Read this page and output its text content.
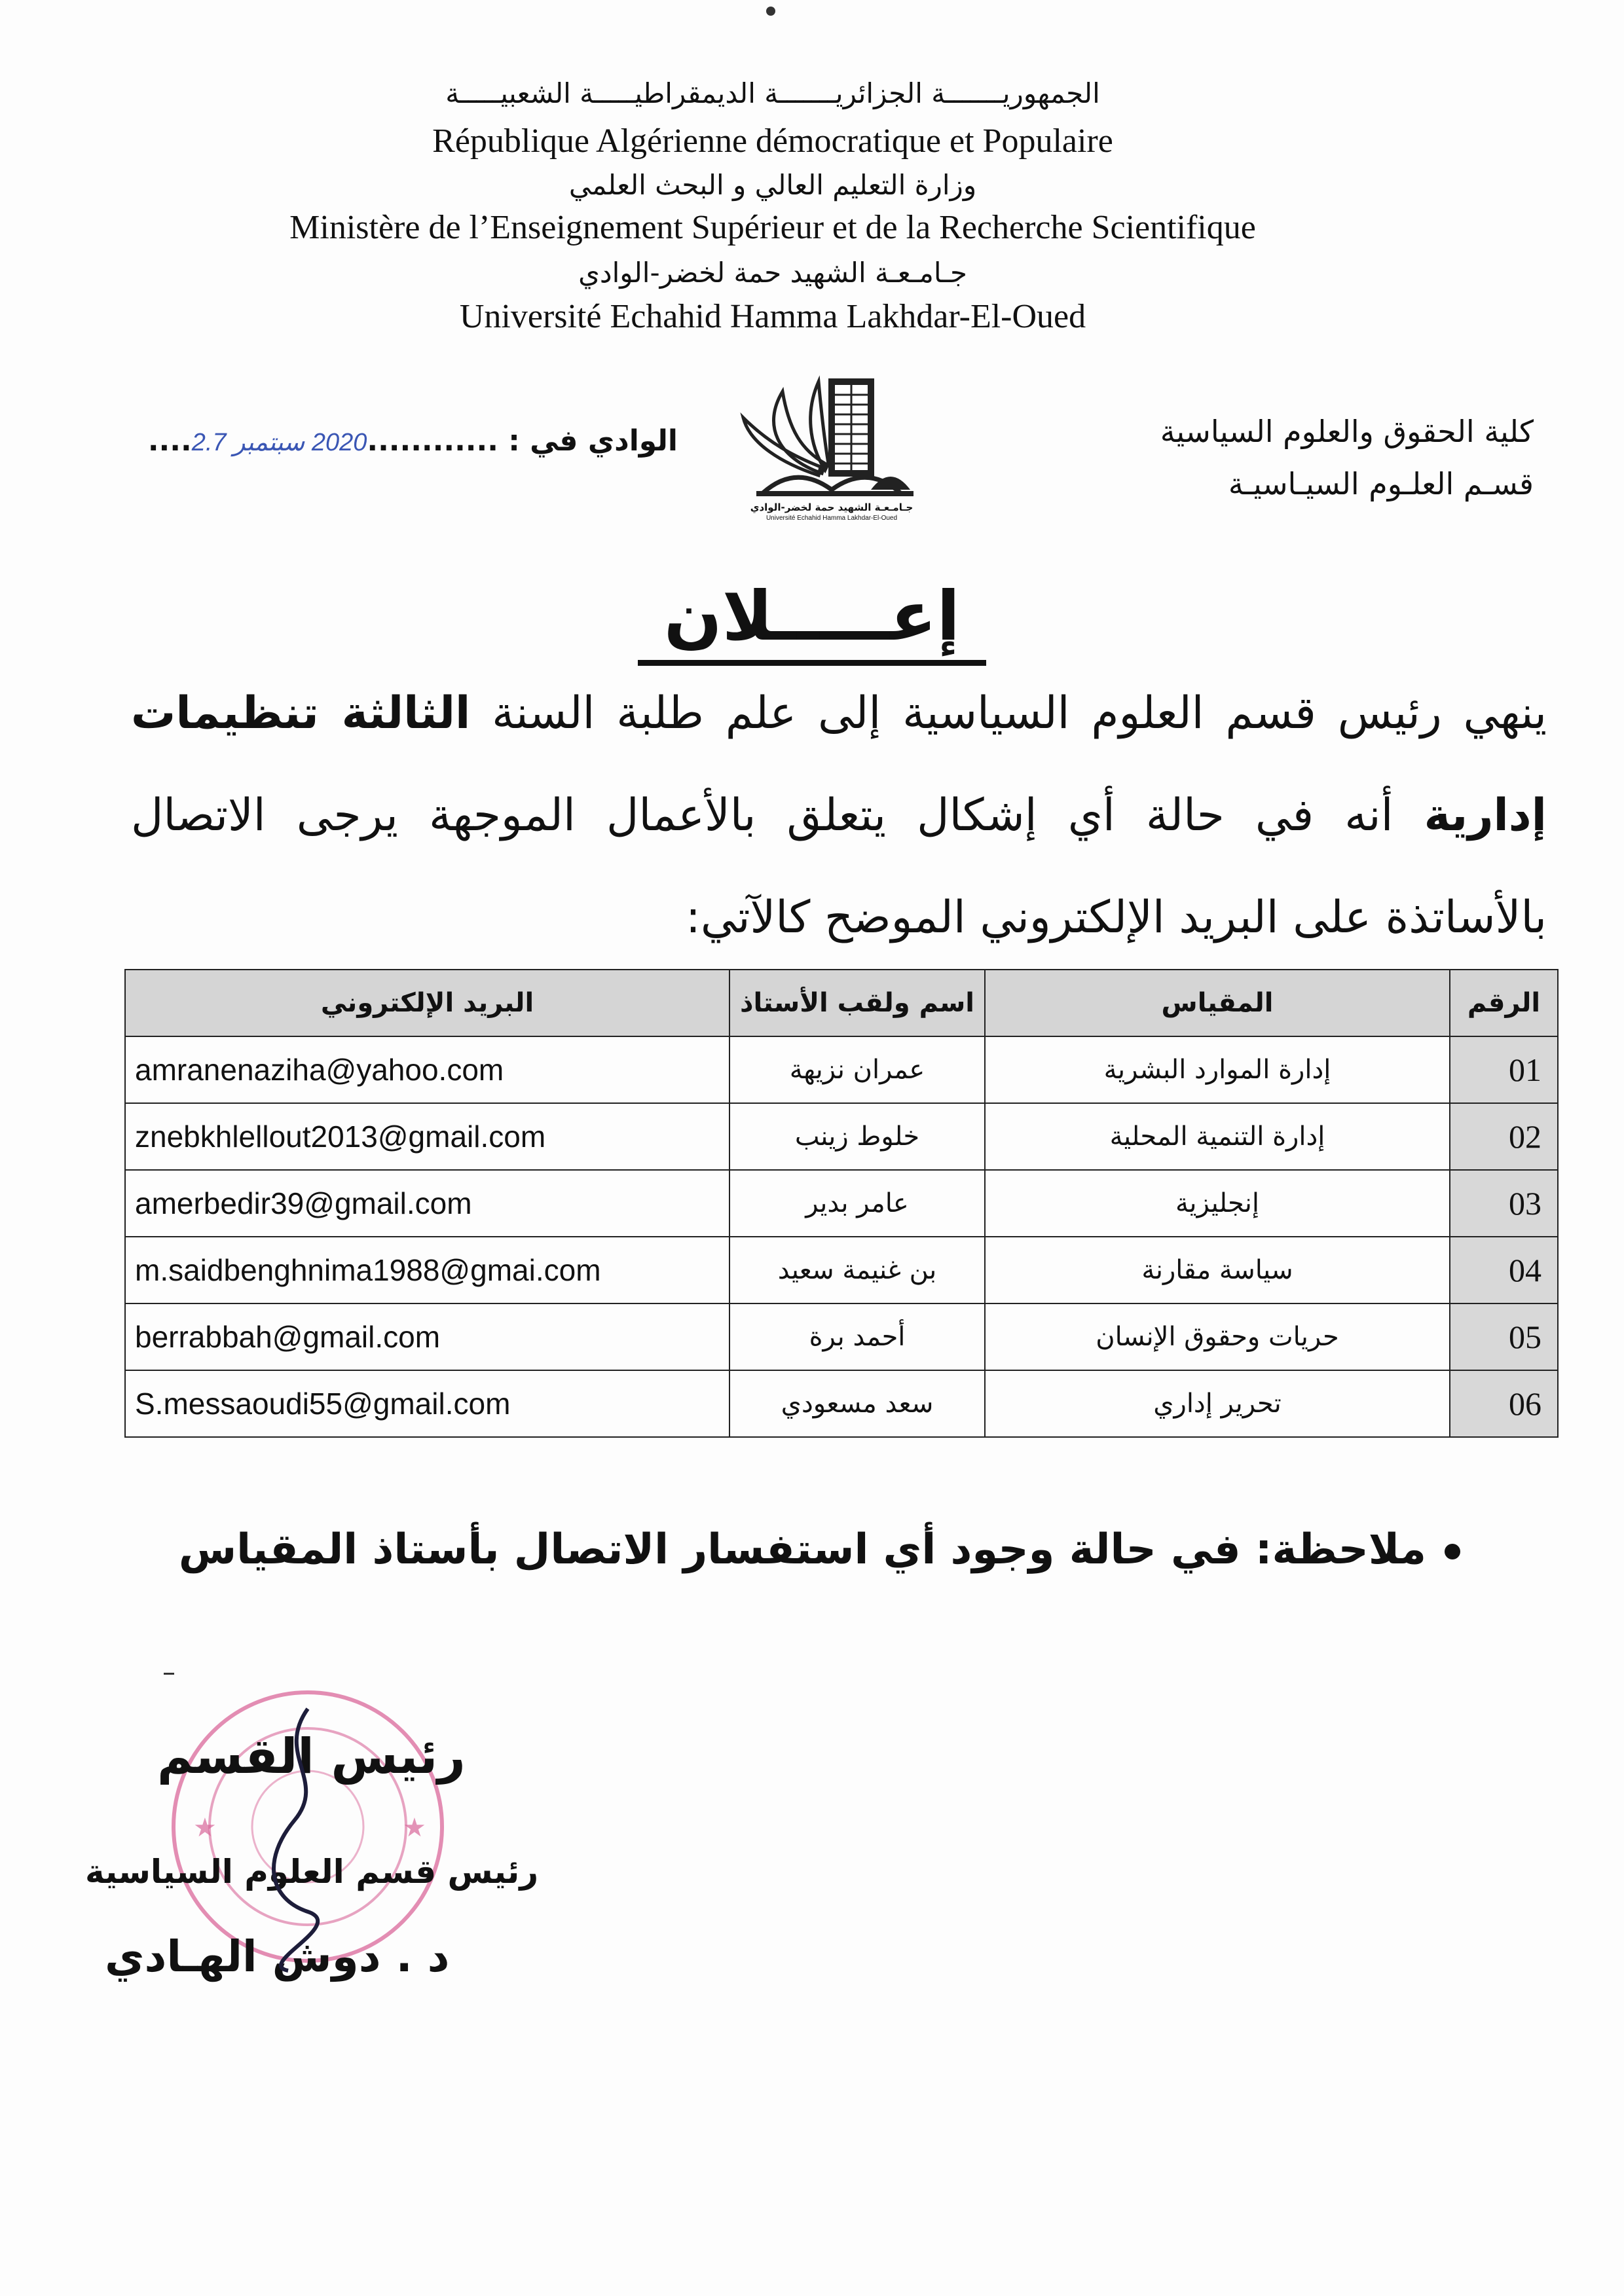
الجمهوريـــــــة الجزائريـــــــة الديمقراطيـــــة الشعبيـــــة
République Algérienne démocratique et Populaire
وزارة التعليم العالي و البحث العلمي
Ministère de l’Enseignement Supérieur et de la Recherche Scientifique
جـامـعـة الشهيد حمة لخضر-الوادي
Université Echahid Hamma Lakhdar-El-Oued
كلية الحقوق والعلوم السياسية
قسـم العلـوم السيـاسيـة
جـامـعـة الشهيد حمة لخضر-الوادي
Université Echahid Hamma Lakhdar-El-Oued
الوادي في : ............2020 سبتمبر 2.7....
إعـــــلان
ينهي رئيس قسم العلوم السياسية إلى علم طلبة السنة الثالثة تنظيمات
إدارية أنه في حالة أي إشكال يتعلق بالأعمال الموجهة يرجى الاتصال
بالأساتذة على البريد الإلكتروني الموضح كالآتي:
الرقم	المقياس	اسم ولقب الأستاذ	البريد الإلكتروني
01	إدارة الموارد البشرية	عمران نزيهة	amranenaziha@yahoo.com
02	إدارة التنمية المحلية	خلوط زينب	znebkhlellout2013@gmail.com
03	إنجليزية	عامر بدير	amerbedir39@gmail.com
04	سياسة مقارنة	بن غنيمة سعيد	m.saidbenghnima1988@gmai.com
05	حريات وحقوق الإنسان	أحمد برة	berrabbah@gmail.com
06	تحرير إداري	سعد مسعودي	S.messaoudi55@gmail.com
ملاحظة: في حالة وجود أي استفسار الاتصال بأستاذ المقياس
★	★
رئيس القسم
رئيس قسم العلوم السياسية
د . دوش الهـادي
